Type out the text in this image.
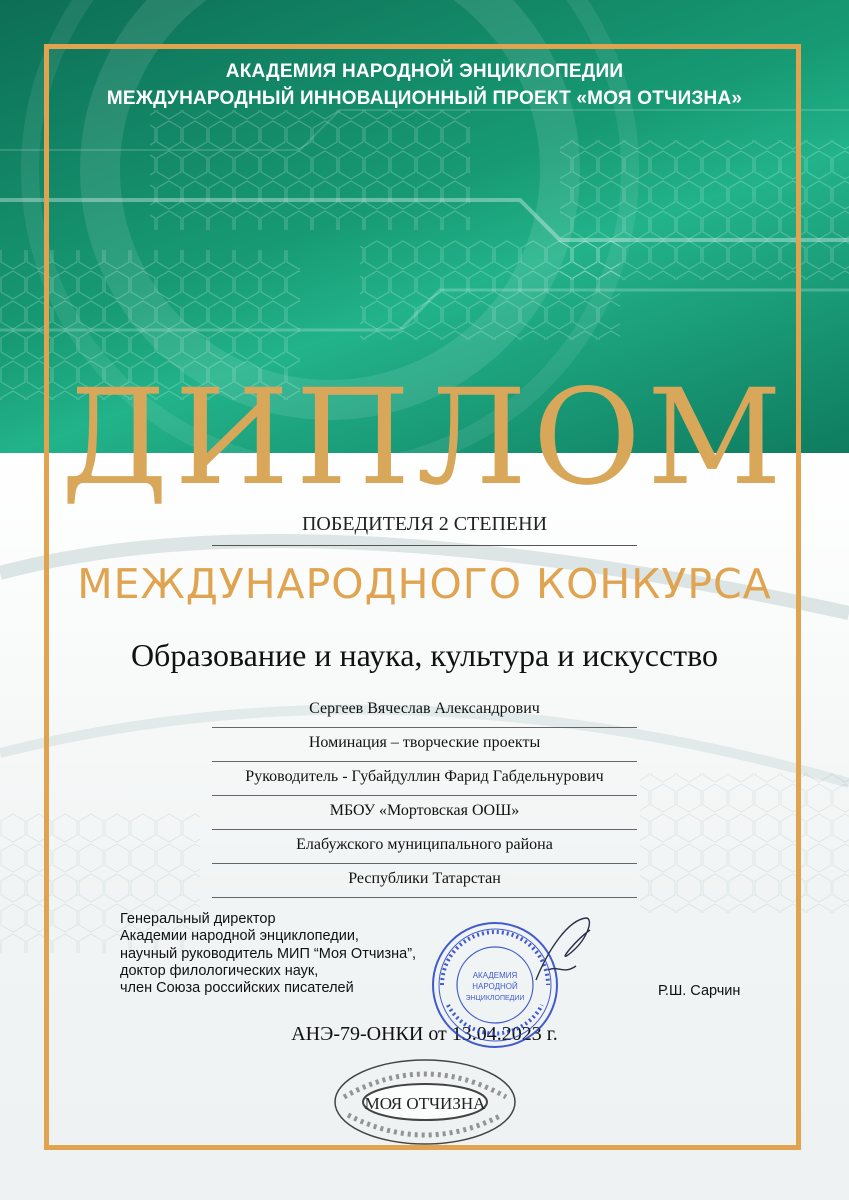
АКАДЕМИЯ НАРОДНОЙ ЭНЦИКЛОПЕДИИ
МЕЖДУНАРОДНЫЙ ИННОВАЦИОННЫЙ ПРОЕКТ «МОЯ ОТЧИЗНА»
ДИПЛОМ
ПОБЕДИТЕЛЯ 2 СТЕПЕНИ
МЕЖДУНАРОДНОГО КОНКУРСА
Образование и наука, культура и искусство
Сергеев Вячеслав Александрович
Номинация – творческие проекты
Руководитель - Губайдуллин Фарид Габдельнурович
МБОУ «Мортовская ООШ»
Елабужского муниципального района
Республики Татарстан
Генеральный директор
Академии народной энциклопедии,
научный руководитель МИП “Моя Отчизна”,
доктор филологических наук,
член Союза российских писателей	Р.Ш. Сарчин
АНЭ-79-ОНКИ от 13.04.2023 г.
АКАДЕМИЯ
НАРОДНОЙ
ЭНЦИКЛОПЕДИИ
МОЯ ОТЧИЗНА
